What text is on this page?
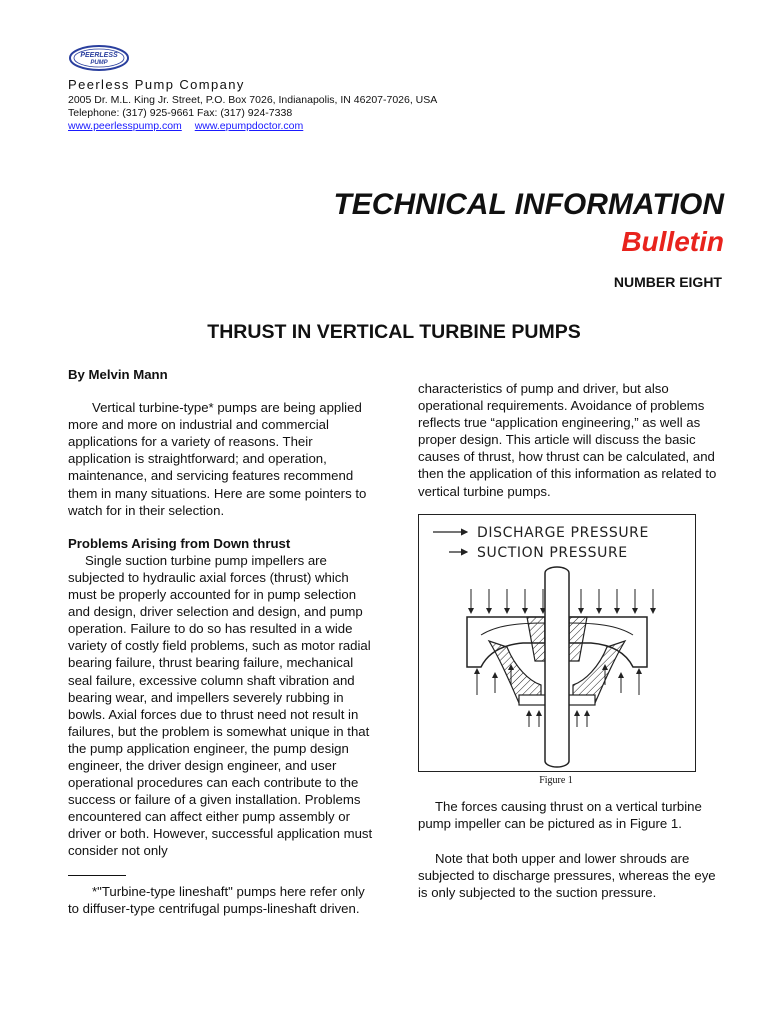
PEERLESS
PUMP
Peerless Pump Company
2005 Dr. M.L. King Jr. Street, P.O. Box 7026, Indianapolis, IN 46207-7026, USA
Telephone: (317) 925-9661 Fax: (317) 924-7338
www.peerlesspump.com www.epumpdoctor.com
TECHNICAL INFORMATION
Bulletin
NUMBER EIGHT
THRUST IN VERTICAL TURBINE PUMPS

By Melvin Mann

Vertical turbine-type* pumps are being applied more and more on industrial and commercial applications for a variety of reasons. Their application is straightforward; and operation, maintenance, and servicing features recommend them in many situations. Here are some pointers to watch for in their selection.

Problems Arising from Down thrust

Single suction turbine pump impellers are subjected to hydraulic axial forces (thrust) which must be properly accounted for in pump selection and design, driver selection and design, and pump operation. Failure to do so has resulted in a wide variety of costly field problems, such as motor radial bearing failure, thrust bearing failure, mechanical seal failure, excessive column shaft vibration and bearing wear, and impellers severely rubbing in bowls. Axial forces due to thrust need not result in failures, but the problem is somewhat unique in that the pump application engineer, the pump design engineer, the driver design engineer, and user operational procedures can each contribute to the success or failure of a given installation. Problems encountered can affect either pump assembly or driver or both. However, successful application must consider not only

*"Turbine-type lineshaft" pumps here refer only to diffuser-type centrifugal pumps-lineshaft driven.

characteristics of pump and driver, but also operational requirements. Avoidance of problems reflects true “application engineering,” as well as proper design. This article will discuss the basic causes of thrust, how thrust can be calculated, and then the application of this information as related to vertical turbine pumps.

DISCHARGE PRESSURE
SUCTION PRESSURE
Figure 1

The forces causing thrust on a vertical turbine pump impeller can be pictured as in Figure 1.

Note that both upper and lower shrouds are subjected to discharge pressures, whereas the eye is only subjected to the suction pressure.
